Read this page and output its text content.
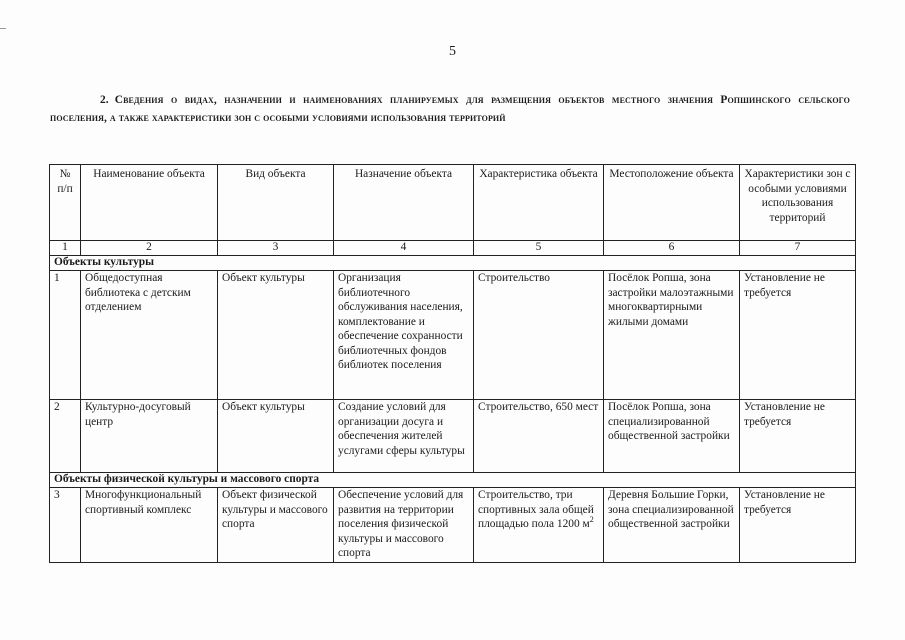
5
2. Сведения о видах, назначении и наименованиях планируемых для размещения объектов местного значения Ропшинского сельского поселения, а также характеристики зон с особыми условиями использования территорий
№ п/п	Наименование объекта	Вид объекта	Назначение объекта	Характеристика объекта	Местоположение объекта	Характеристики зон с особыми условиями использования территорий
1	2	3	4	5	6	7
Объекты культуры						
1	Общедоступная библиотека с детским отделением	Объект культуры	Организация библиотечного обслуживания населения, комплектование и обеспечение сохранности библиотечных фондов библиотек поселения	Строительство	Посёлок Ропша, зона застройки малоэтажными многоквартирными жилыми домами	Установление не требуется
2	Культурно-досуговый центр	Объект культуры	Создание условий для организации досуга и обеспечения жителей услугами сферы культуры	Строительство, 650 мест	Посёлок Ропша, зона специализированной общественной застройки	Установление не требуется
Объекты физической культуры и массового спорта						
3	Многофункциональный спортивный комплекс	Объект физической культуры и массового спорта	Обеспечение условий для развития на территории поселения физической культуры и массового спорта	Строительство, три спортивных зала общей площадью пола 1200 $м^2$	Деревня Большие Горки, зона специализированной общественной застройки	Установление не требуется
